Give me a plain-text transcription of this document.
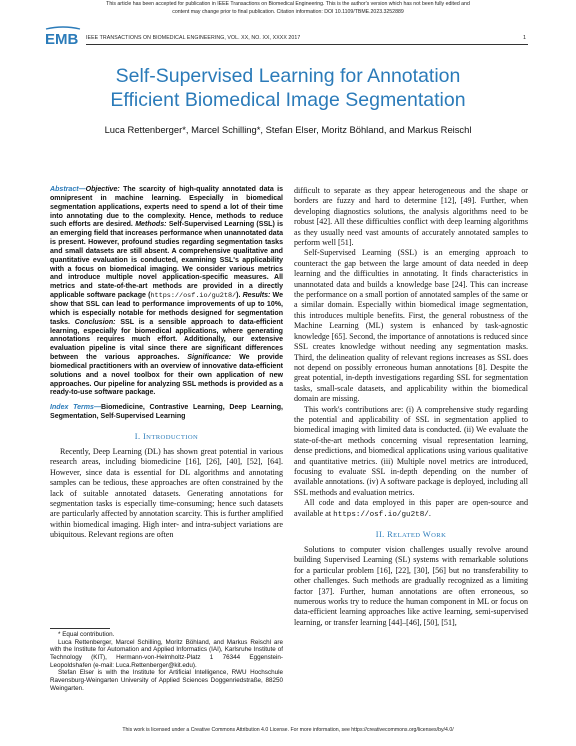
This article has been accepted for publication in IEEE Transactions on Biomedical Engineering. This is the author's version which has not been fully edited and
content may change prior to final publication. Citation information: DOI 10.1109/TBME.2023.3252889
EMB IEEE TRANSACTIONS ON BIOMEDICAL ENGINEERING, VOL. XX, NO. XX, XXXX 2017	1
Self-Supervised Learning for Annotation
Efficient Biomedical Image Segmentation
Luca Rettenberger*, Marcel Schilling*, Stefan Elser, Moritz Böhland, and Markus Reischl
Abstract—Objective: The scarcity of high-quality annotated data is omnipresent in machine learning. Especially in biomedical segmentation applications, experts need to spend a lot of their time into annotating due to the complexity. Hence, methods to reduce such efforts are desired. Methods: Self-Supervised Learning (SSL) is an emerging field that increases performance when unannotated data is present. However, profound studies regarding segmentation tasks and small datasets are still absent. A comprehensive qualitative and quantitative evaluation is conducted, examining SSL's applicability with a focus on biomedical imaging. We consider various metrics and introduce multiple novel application-specific measures. All metrics and state-of-the-art methods are provided in a directly applicable software package (https://osf.io/gu2t8/). Results: We show that SSL can lead to performance improvements of up to 10%, which is especially notable for methods designed for segmentation tasks. Conclusion: SSL is a sensible approach to data-efficient learning, especially for biomedical applications, where generating annotations requires much effort. Additionally, our extensive evaluation pipeline is vital since there are significant differences between the various approaches. Significance: We provide biomedical practitioners with an overview of innovative data-efficient solutions and a novel toolbox for their own application of new approaches. Our pipeline for analyzing SSL methods is provided as a ready-to-use software package.
Index Terms—Biomedicine, Contrastive Learning, Deep Learning, Segmentation, Self-Supervised Learning
I. INTRODUCTION

Recently, Deep Learning (DL) has shown great potential in various research areas, including biomedicine [16], [26], [40], [52], [64]. However, since data is essential for DL algorithms and annotating samples can be tedious, these approaches are often constrained by the lack of suitable annotated datasets. Generating annotations for segmentation tasks is especially time-consuming; hence such datasets are particularly affected by annotation scarcity. This is further amplified within biomedical imaging. High inter- and intra-subject variations are ubiquitous. Relevant regions are often

difficult to separate as they appear heterogeneous and the shape or borders are fuzzy and hard to determine [12], [49]. Further, when developing diagnostics solutions, the analysis algorithms need to be robust [42]. All these difficulties conflict with deep learning algorithms as they usually need vast amounts of accurately annotated samples to perform well [51].

Self-Supervised Learning (SSL) is an emerging approach to counteract the gap between the large amount of data needed in deep learning and the difficulties in annotating. It finds characteristics in unannotated data and builds a knowledge base [24]. This can increase the performance on a small portion of annotated samples of the same or a similar domain. Especially within biomedical image segmentation, this introduces multiple benefits. First, the general robustness of the Machine Learning (ML) system is enhanced by task-agnostic knowledge [65]. Second, the importance of annotations is reduced since SSL creates knowledge without needing any segmentation masks. Third, the delineation quality of relevant regions increases as SSL does not depend on possibly erroneous human annotations [8]. Despite the great potential, in-depth investigations regarding SSL for segmentation tasks, small-scale datasets, and applicability within the biomedical domain are missing.

This work's contributions are: (i) A comprehensive study regarding the potential and applicability of SSL in segmentation applied to biomedical imaging with limited data is conducted. (ii) We evaluate the state-of-the-art methods concerning visual representation learning, dense predictions, and biomedical applications using various qualitative and quantitative metrics. (iii) Multiple novel metrics are introduced, focusing to evaluate SSL in-depth depending on the number of available annotations. (iv) A software package is deployed, including all SSL methods and evaluation metrics.

All code and data employed in this paper are open-source and available at https://osf.io/gu2t8/.

II. RELATED WORK

Solutions to computer vision challenges usually revolve around building Supervised Learning (SL) systems with remarkable solutions for a particular problem [16], [22], [30], [56] but no transferability to other challenges. Such methods are gradually recognized as a limiting factor [37]. Further, human annotations are often erroneous, so numerous works try to reduce the human component in ML or focus on data-efficient learning approaches like active learning, semi-supervised learning, or transfer learning [44]–[46], [50], [51],

* Equal contribution.

Luca Rettenberger, Marcel Schilling, Moritz Böhland, and Markus Reischl are with the Institute for Automation and Applied Informatics (IAI), Karlsruhe Institute of Technology (KIT), Hermann-von-Helmholtz-Platz 1 76344 Eggenstein-Leopoldshafen (e-mail: Luca.Rettenberger@kit.edu).

Stefan Elser is with the Institute for Artificial Intelligence, RWU Hochschule Ravensburg-Weingarten University of Applied Sciences Doggenriedstraße, 88250 Weingarten.

This work is licensed under a Creative Commons Attribution 4.0 License. For more information, see https://creativecommons.org/licenses/by/4.0/
